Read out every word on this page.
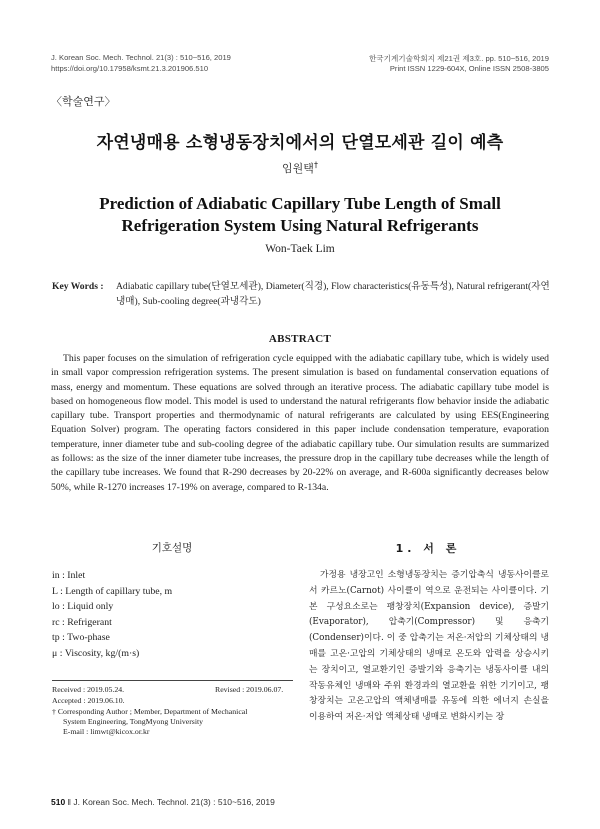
J. Korean Soc. Mech. Technol. 21(3) : 510~516, 2019
https://doi.org/10.17958/ksmt.21.3.201906.510
한국기계기술학회지 제21권 제3호. pp. 510~516, 2019
Print ISSN 1229-604X, Online ISSN 2508-3805
〈학술연구〉
자연냉매용 소형냉동장치에서의 단열모세관 길이 예측
임원택†
Prediction of Adiabatic Capillary Tube Length of Small Refrigeration System Using Natural Refrigerants
Won-Taek Lim
Key Words :	Adiabatic capillary tube(단열모세관), Diameter(직경), Flow characteristics(유동특성), Natural refrigerant(자연냉매), Sub-cooling degree(과냉각도)
ABSTRACT

This paper focuses on the simulation of refrigeration cycle equipped with the adiabatic capillary tube, which is widely used in small vapor compression refrigeration systems. The present simulation is based on fundamental conservation equations of mass, energy and momentum. These equations are solved through an iterative process. The adiabatic capillary tube model is based on homogeneous flow model. This model is used to understand the natural refrigerants flow behavior inside the adiabatic capillary tube. Transport properties and thermodynamic of natural refrigerants are calculated by using EES(Engineering Equation Solver) program. The operating factors considered in this paper include condensation temperature, evaporation temperature, inner diameter tube and sub-cooling degree of the adiabatic capillary tube. Our simulation results are summarized as follows: as the size of the inner diameter tube increases, the pressure drop in the capillary tube decreases while the length of the capillary tube increases. We found that R-290 decreases by 20-22% on average, and R-600a significantly decreases below 50%, while R-1270 increases 17-19% on average, compared to R-134a.

기호설명	1. 서 론
in : Inlet
L : Length of capillary tube, m
lo : Liquid only
rc : Refrigerant
tp : Two-phase
μ : Viscosity, kg/(m·s)
Received : 2019.05.24.	Revised : 2019.06.07.
Accepted : 2019.06.10.
† Corresponding Author ; Member, Department of Mechanical
System Engineering, TongMyong University
E-mail : limwt@kicox.or.kr

가정용 냉장고인 소형냉동장치는 증기압축식 냉동사이클로서 카르노(Carnot) 사이클이 역으로 운전되는 사이클이다. 기본 구성요소로는 팽창장치(Expansion device), 증발기(Evaporator), 압축기(Compressor) 및 응축기(Condenser)이다. 이 중 압축기는 저온·저압의 기체상태의 냉매를 고온·고압의 기체상태의 냉매로 온도와 압력을 상승시키는 장치이고, 열교환기인 증발기와 응축기는 냉동사이클 내의 작동유체인 냉매와 주위 환경과의 열교환을 위한 기기이고, 팽창장치는 고온고압의 액체냉매를 유동에 의한 에너지 손실을 이용하여 저온·저압 액체상태 냉매로 변화시키는 장

510 ‖ J. Korean Soc. Mech. Technol. 21(3) : 510~516, 2019
